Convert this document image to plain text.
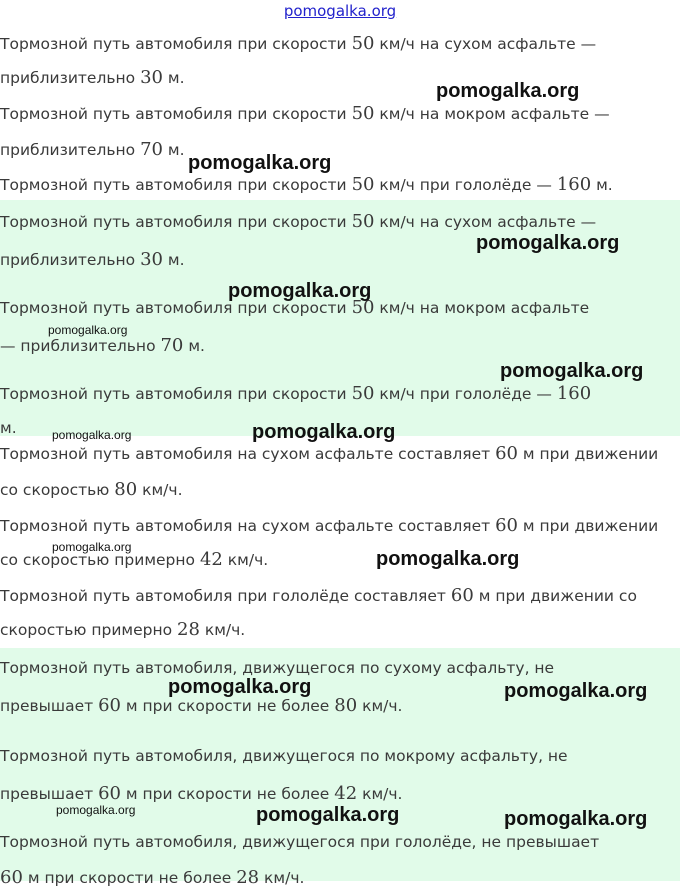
pomogalka.org
Тормозной путь автомобиля при скорости 50 км/ч на сухом асфальте —
приблизительно 30 м.
Тормозной путь автомобиля при скорости 50 км/ч на мокром асфальте —
приблизительно 70 м.
Тормозной путь автомобиля при скорости 50 км/ч при гололёде — 160 м.
Тормозной путь автомобиля при скорости 50 км/ч на сухом асфальте —
приблизительно 30 м.
Тормозной путь автомобиля при скорости 50 км/ч на мокром асфальте
— приблизительно 70 м.
Тормозной путь автомобиля при скорости 50 км/ч при гололёде — 160
м.
Тормозной путь автомобиля на сухом асфальте составляет 60 м при движении
со скоростью 80 км/ч.
Тормозной путь автомобиля на сухом асфальте составляет 60 м при движении
со скоростью примерно 42 км/ч.
Тормозной путь автомобиля при гололёде составляет 60 м при движении со
скоростью примерно 28 км/ч.
Тормозной путь автомобиля, движущегося по сухому асфальту, не
превышает 60 м при скорости не более 80 км/ч.
Тормозной путь автомобиля, движущегося по мокрому асфальту, не
превышает 60 м при скорости не более 42 км/ч.
Тормозной путь автомобиля, движущегося при гололёде, не превышает
60 м при скорости не более 28 км/ч.
pomogalka.org
pomogalka.org
pomogalka.org
pomogalka.org
pomogalka.org
pomogalka.org
pomogalka.org	pomogalka.org
pomogalka.org
pomogalka.org
pomogalka.org	pomogalka.org
pomogalka.org	pomogalka.org	pomogalka.org
